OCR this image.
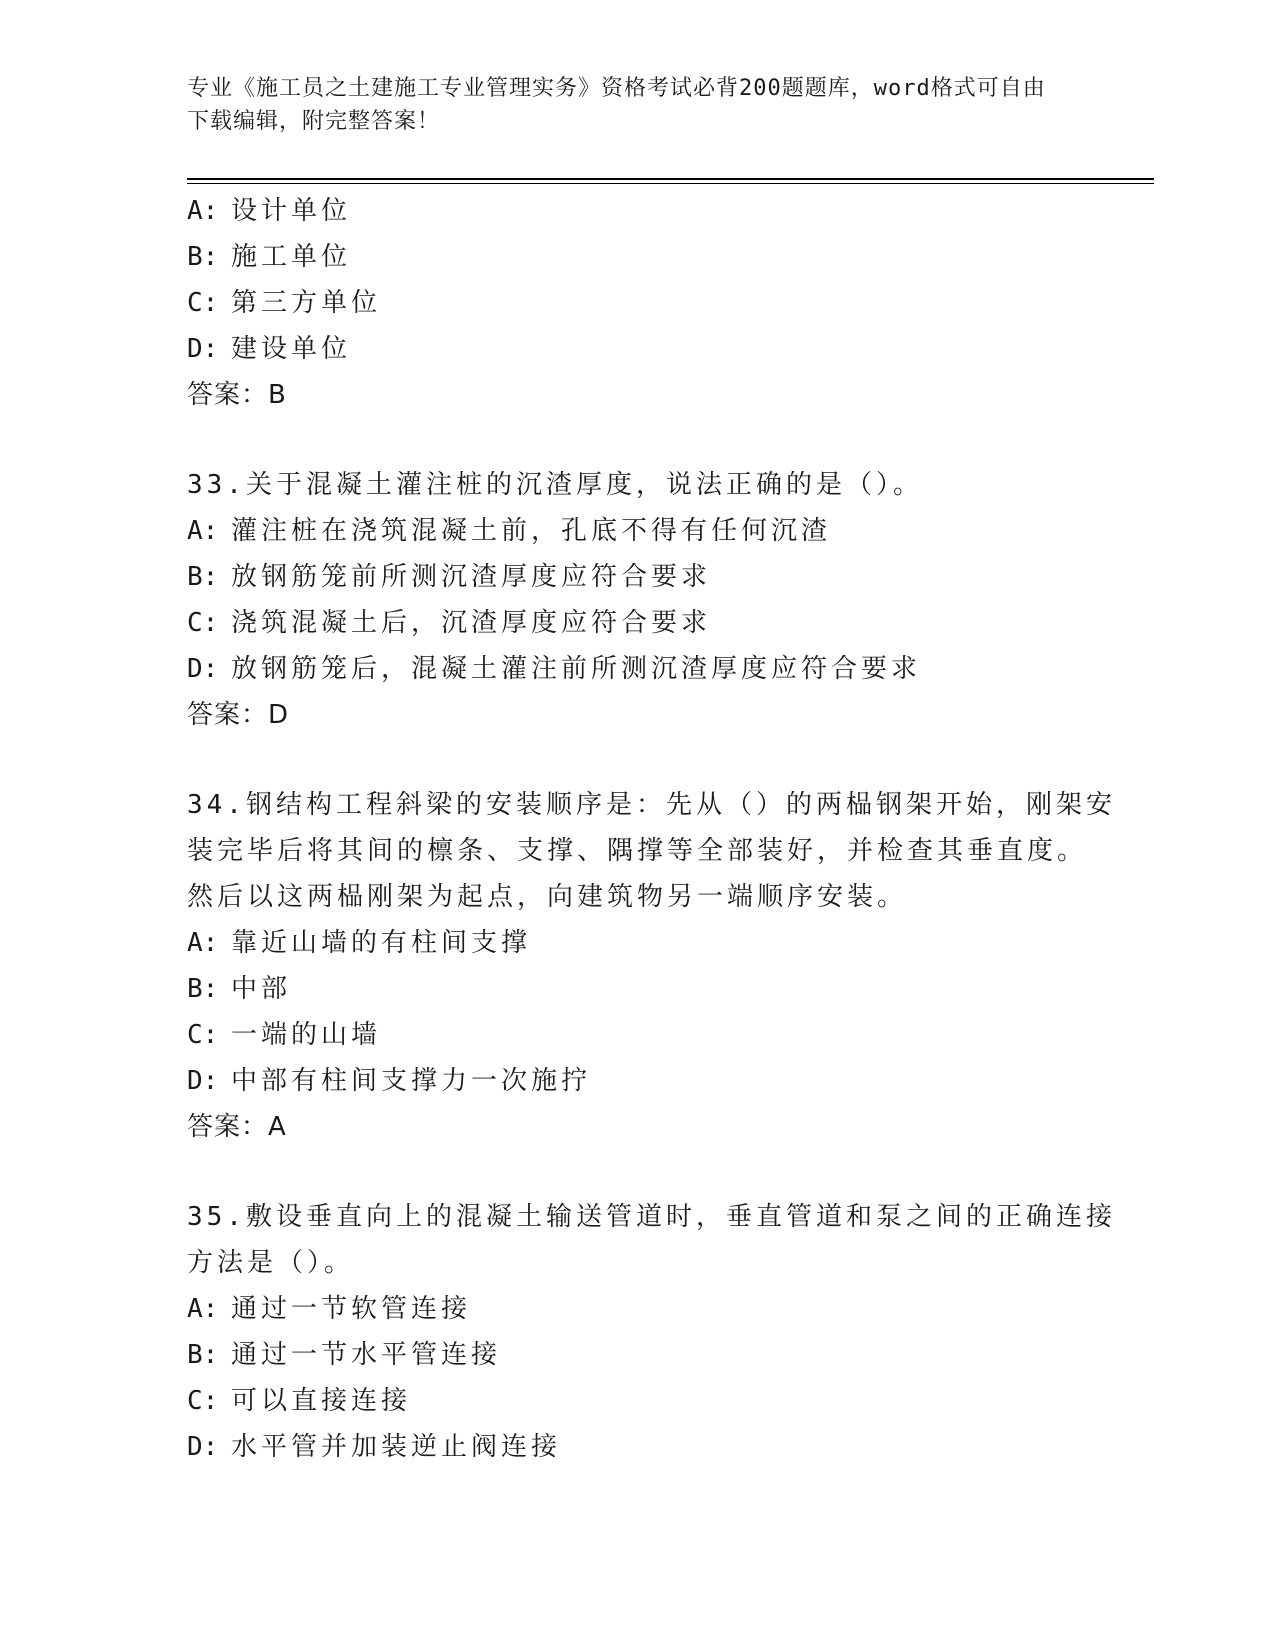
专业《施工员之土建施工专业管理实务》资格考试必背200题题库，word格式可自由下载编辑，附完整答案！
A: 设计单位
B: 施工单位
C: 第三方单位
D: 建设单位
答案：B
33.关于混凝土灌注桩的沉渣厚度，说法正确的是（）。
A: 灌注桩在浇筑混凝土前，孔底不得有任何沉渣
B: 放钢筋笼前所测沉渣厚度应符合要求
C: 浇筑混凝土后，沉渣厚度应符合要求
D: 放钢筋笼后，混凝土灌注前所测沉渣厚度应符合要求
答案：D
34.钢结构工程斜梁的安装顺序是：先从（）的两榀钢架开始，刚架安
装完毕后将其间的檩条、支撑、隅撑等全部装好，并检查其垂直度。
然后以这两榀刚架为起点，向建筑物另一端顺序安装。
A: 靠近山墙的有柱间支撑
B: 中部
C: 一端的山墙
D: 中部有柱间支撑力一次施拧
答案：A
35.敷设垂直向上的混凝土输送管道时，垂直管道和泵之间的正确连接
方法是（）。
A: 通过一节软管连接
B: 通过一节水平管连接
C: 可以直接连接
D: 水平管并加装逆止阀连接
